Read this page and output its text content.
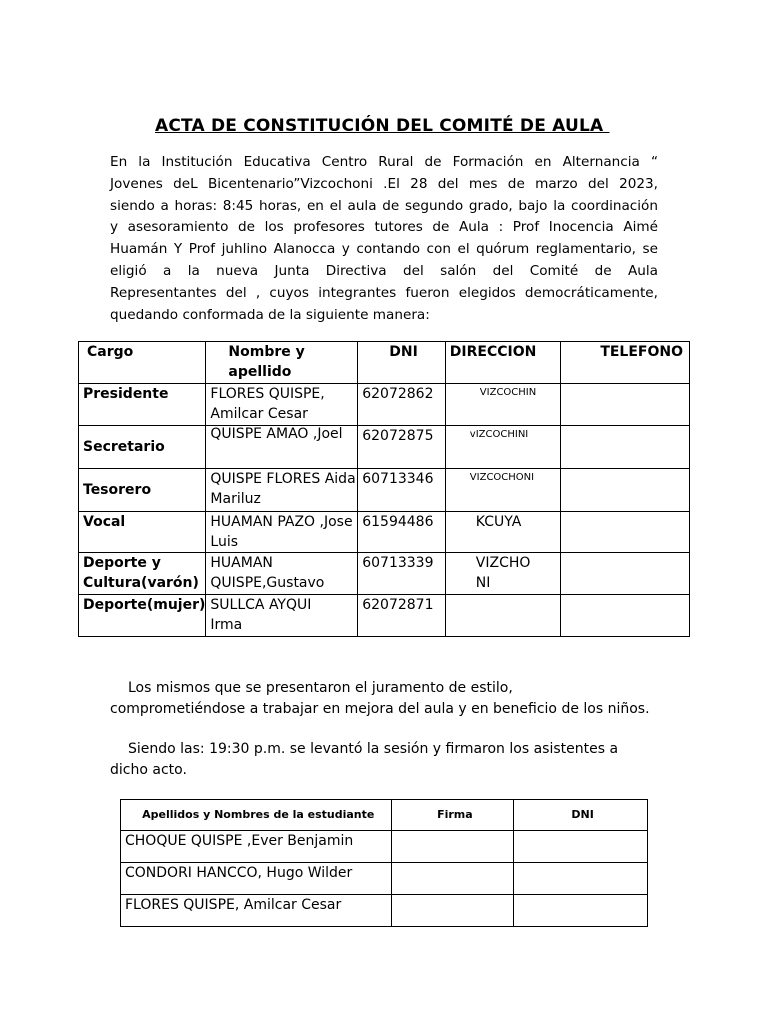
ACTA DE CONSTITUCIÓN DEL COMITÉ DE AULA
En la Institución Educativa Centro Rural de Formación en Alternancia “
Jovenes deL Bicentenario”Vizcochoni .El 28 del mes de marzo del 2023,
siendo a horas: 8:45 horas, en el aula de segundo grado, bajo la coordinación
y asesoramiento de los profesores tutores de Aula : Prof Inocencia Aimé
Huamán Y Prof juhlino Alanocca y contando con el quórum reglamentario, se
eligió a la nueva Junta Directiva del salón del Comité de Aula
Representantes del , cuyos integrantes fueron elegidos democráticamente,
quedando conformada de la siguiente manera:
Cargo	Nombre y apellido	DNI	DIRECCION	TELEFONO
Presidente	FLORES QUISPE, Amilcar Cesar	62072862	VIZCOCHIN	
Secretario	QUISPE AMAO ,Joel	62072875	vIZCOCHINI	
Tesorero	QUISPE FLORES Aida Mariluz	60713346	VIZCOCHONI	
Vocal	HUAMAN PAZO ,Jose Luis	61594486	KCUYA	
Deporte y Cultura(varón)	HUAMAN QUISPE,Gustavo	60713339	VIZCHO NI	
Deporte(mujer)	SULLCA AYQUI Irma	62072871		
Los mismos que se presentaron el juramento de estilo, comprometiéndose a trabajar en mejora del aula y en beneficio de los niños.
Siendo las: 19:30 p.m. se levantó la sesión y firmaron los asistentes a dicho acto.
Apellidos y Nombres de la estudiante	Firma	DNI
CHOQUE QUISPE ,Ever Benjamin		
CONDORI HANCCO, Hugo Wilder		
FLORES QUISPE, Amilcar Cesar		
